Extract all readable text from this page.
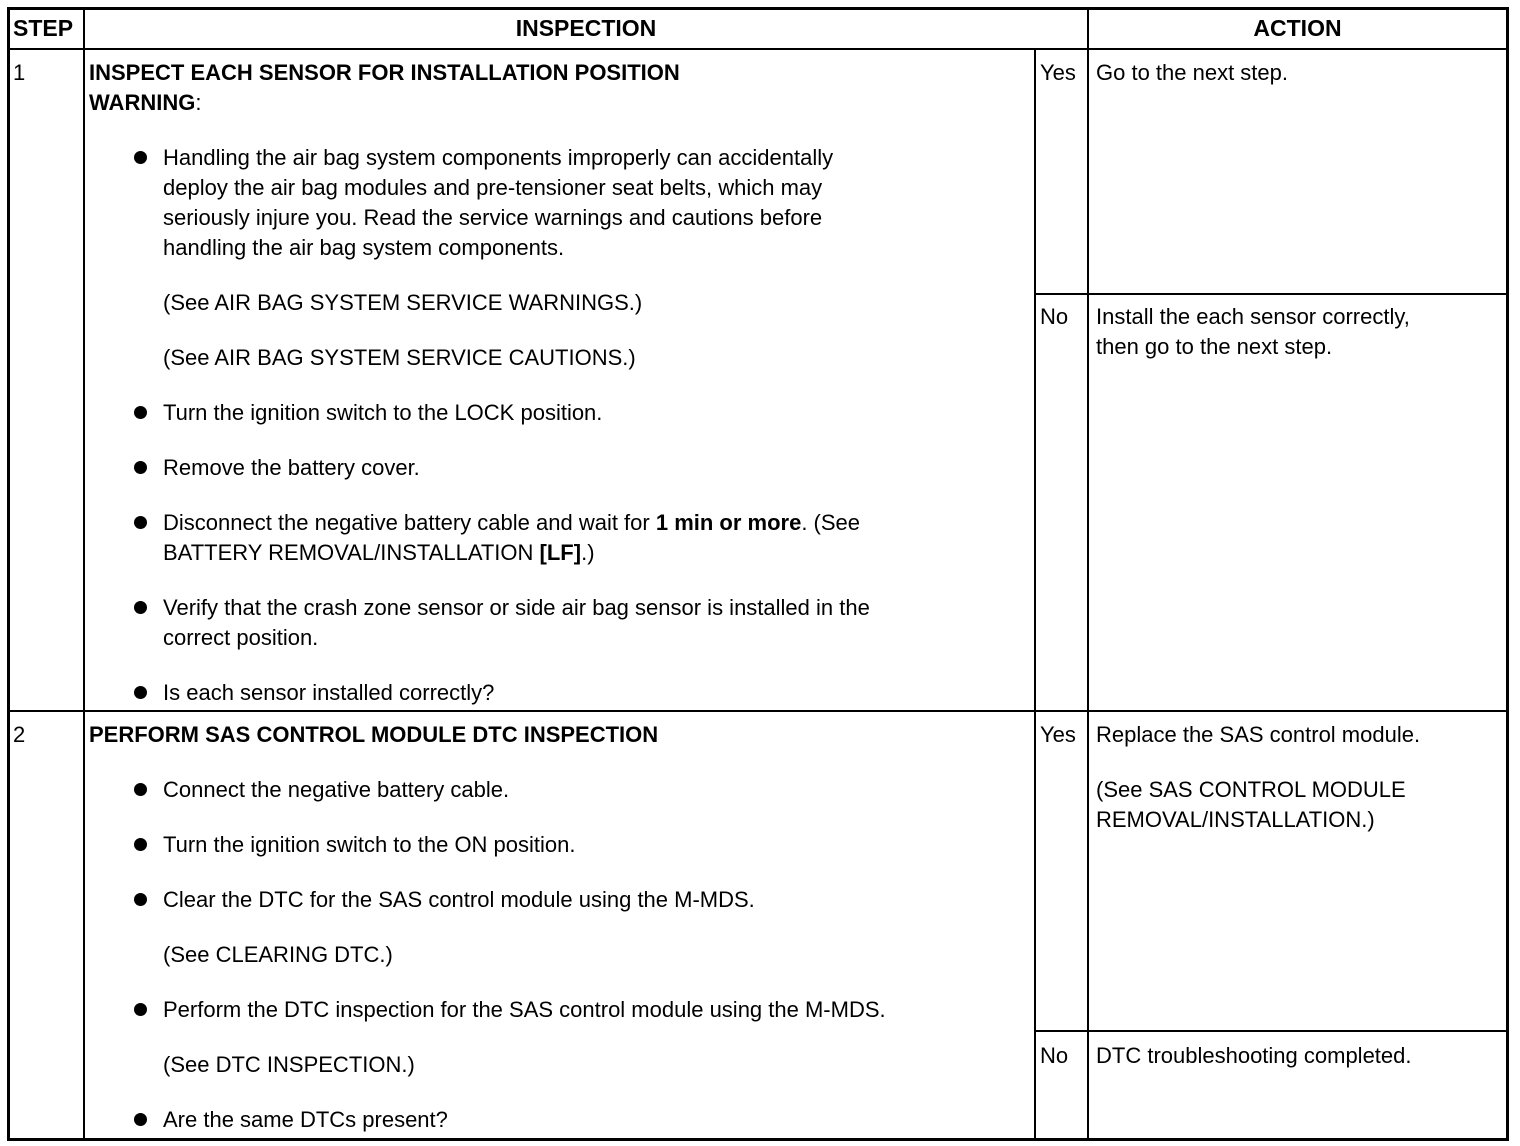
STEP	INSPECTION	ACTION
1	INSPECT EACH SENSOR FOR INSTALLATION POSITION
WARNING:
Handling the air bag system components improperly can accidentally
deploy the air bag modules and pre-tensioner seat belts, which may
seriously injure you. Read the service warnings and cautions before
handling the air bag system components.
(See AIR BAG SYSTEM SERVICE WARNINGS.)
(See AIR BAG SYSTEM SERVICE CAUTIONS.)
Turn the ignition switch to the LOCK position.
Remove the battery cover.
Disconnect the negative battery cable and wait for 1 min or more. (See
BATTERY REMOVAL/INSTALLATION [LF].)
Verify that the crash zone sensor or side air bag sensor is installed in the
correct position.
Is each sensor installed correctly?
Yes Go to the next step.
No Install the each sensor correctly,
then go to the next step.
2	PERFORM SAS CONTROL MODULE DTC INSPECTION
Connect the negative battery cable.
Turn the ignition switch to the ON position.
Clear the DTC for the SAS control module using the M-MDS.
(See CLEARING DTC.)
Perform the DTC inspection for the SAS control module using the M-MDS.
(See DTC INSPECTION.)
Are the same DTCs present?
Yes Replace the SAS control module.
(See SAS CONTROL MODULE
REMOVAL/INSTALLATION.)
No DTC troubleshooting completed.
